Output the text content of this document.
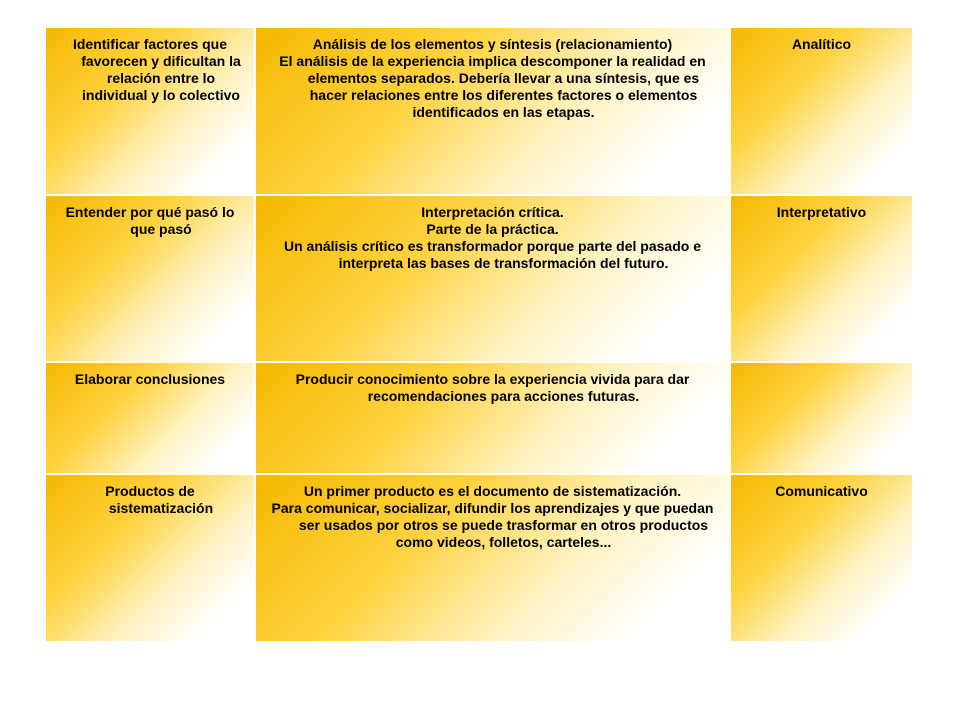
Identificar factores que favorecen y dificultan la relación entre lo individual y lo colectivo
Análisis de los elementos y síntesis (relacionamiento)
El análisis de la experiencia implica descomponer la realidad en elementos separados. Debería llevar a una síntesis, que es hacer relaciones entre los diferentes factores o elementos identificados en las etapas.
Analítico
Entender por qué pasó lo que pasó
Interpretación crítica.
Parte de la práctica.
Un análisis crítico es transformador porque parte del pasado e interpreta las bases de transformación del futuro.
Interpretativo
Elaborar conclusiones	Producir conocimiento sobre la experiencia vivida para dar recomendaciones para acciones futuras.
Productos de sistematización
Un primer producto es el documento de sistematización.
Para comunicar, socializar, difundir los aprendizajes y que puedan ser usados por otros se puede trasformar en otros productos como videos, folletos, carteles...
Comunicativo
